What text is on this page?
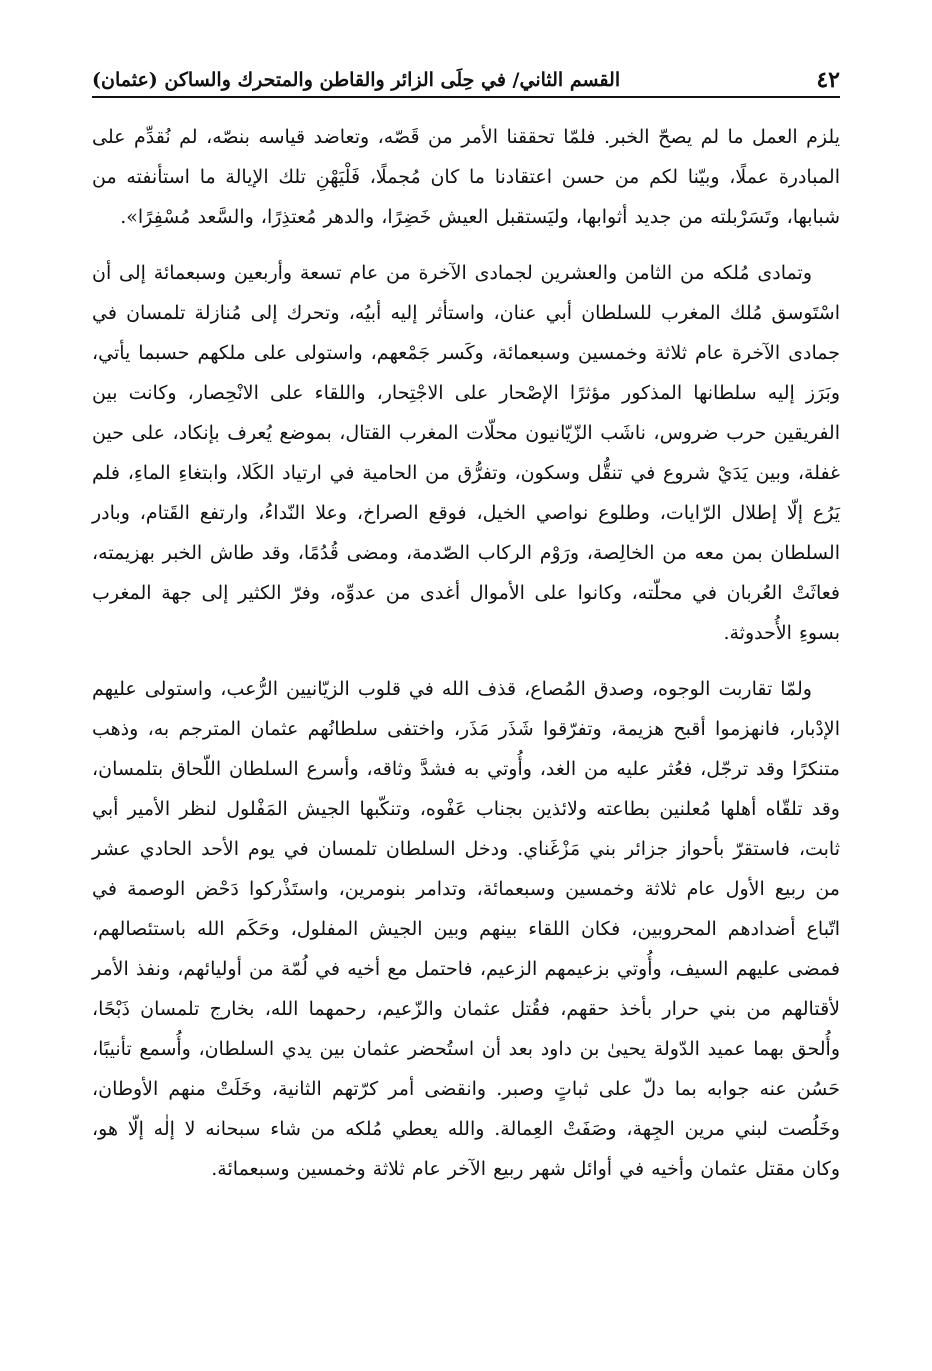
٤٢
القسم الثاني/ في حِلَى الزائر والقاطن والمتحرك والساكن (عثمان)

يلزم العمل ما لم يصحّ الخبر. فلمّا تحققنا الأمر من قَصّه، وتعاضد قياسه بنصّه، لم نُقدِّم على المبادرة عملًا، وبيّنا لكم من حسن اعتقادنا ما كان مُجملًا، فَلْيَهْنِ تلك الإيالة ما استأنفته من شبابها، وتَسَرْبلته من جديد أثوابها، وليَستقبل العيش خَضِرًا، والدهر مُعتذِرًا، والسَّعد مُسْفِرًا».

وتمادى مُلكه من الثامن والعشرين لجمادى الآخرة من عام تسعة وأربعين وسبعمائة إلى أن اسْتَوسق مُلك المغرب للسلطان أبي عنان، واستأثر إليه أبيُه، وتحرك إلى مُنازلة تلمسان في جمادى الآخرة عام ثلاثة وخمسين وسبعمائة، وكَسر جَمْعهم، واستولى على ملكهم حسبما يأتي، وبَرَز إليه سلطانها المذكور مؤثرًا الإصْحار على الاجْتِحار، واللقاء على الانْحِصار، وكانت بين الفريقين حرب ضروس، ناشَب الزّيّانيون محلّات المغرب القتال، بموضع يُعرف بإنكاد، على حين غفلة، وبين يَدَيْ شروع في تنقُّل وسكون، وتفرُّق من الحامية في ارتياد الكَلا، وابتغاءِ الماءِ، فلم يَرُع إلّا إطلال الرّايات، وطلوع نواصي الخيل، فوقع الصراخ، وعلا النّداءُ، وارتفع القَتام، وبادر السلطان بمن معه من الخالِصة، ورَوْم الركاب الصّدمة، ومضى قُدُمًا، وقد طاش الخبر بهزيمته، فعاثَتْ العُربان في محلّته، وكانوا على الأموال أغدى من عدوِّه، وفرّ الكثير إلى جهة المغرب بسوءِ الأُحدوثة.

ولمّا تقاربت الوجوه، وصدق المُصاع، قذف الله في قلوب الزيّانيين الرُّعب، واستولى عليهم الإدْبار، فانهزموا أقبح هزيمة، وتفرّقوا شَذَر مَذَر، واختفى سلطانُهم عثمان المترجم به، وذهب متنكرًا وقد ترجّل، فعُثر عليه من الغد، وأُوتي به فشدَّ وثاقه، وأسرع السلطان اللّحاق بتلمسان، وقد تلقّاه أهلها مُعلنين بطاعته ولائذين بجناب عَفْوه، وتنكّبها الجيش المَفْلول لنظر الأمير أبي ثابت، فاستقرّ بأحواز جزائر بني مَزْغَناي. ودخل السلطان تلمسان في يوم الأحد الحادي عشر من ربيع الأول عام ثلاثة وخمسين وسبعمائة، وتدامر بنومرين، واستَذْركوا دَحْض الوصمة في اتّباع أضدادهم المحروبين، فكان اللقاء بينهم وبين الجيش المفلول، وحَكَم الله باستئصالهم، فمضى عليهم السيف، وأُوتي بزعيمهم الزعيم، فاحتمل مع أخيه في لُمّة من أوليائهم، ونفذ الأمر لأقتالهم من بني حرار بأخذ حقهم، فقُتل عثمان والزّعيم، رحمهما الله، بخارج تلمسان ذَبْحًا، وأُلحق بهما عميد الدّولة يحيىٰ بن داود بعد أن استُحضر عثمان بين يدي السلطان، وأُسمع تأنيبًا، حَسُن عنه جوابه بما دلّ على ثباتٍ وصبر. وانقضى أمر كرّتهم الثانية، وخَلَتْ منهم الأوطان، وخَلُصت لبني مرين الجِهة، وصَفَتْ العِمالة. والله يعطي مُلكه من شاء سبحانه لا إلٰه إلّا هو، وكان مقتل عثمان وأخيه في أوائل شهر ربيع الآخر عام ثلاثة وخمسين وسبعمائة.
